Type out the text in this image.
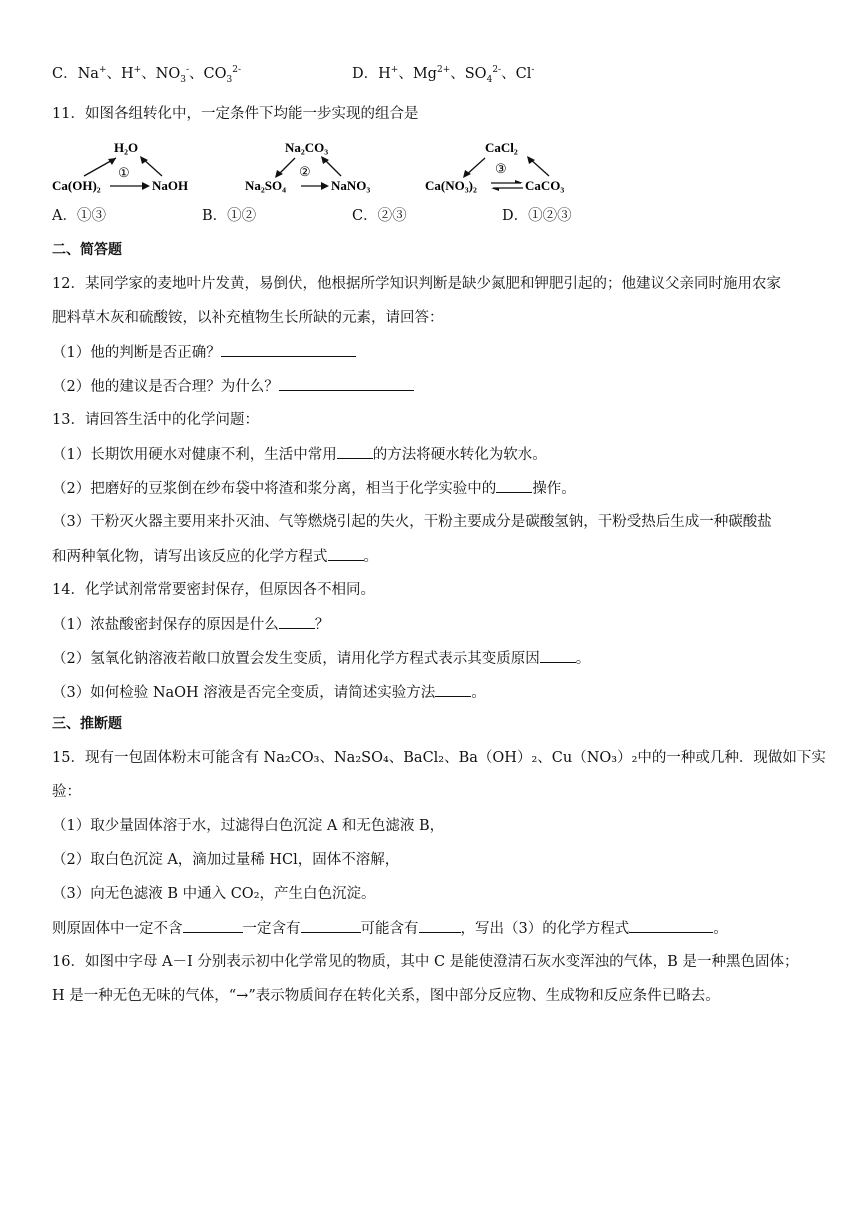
C．Na+、H+、$NO_3^-$、$CO_3^{2-}$	D．H+、$Mg^{2+}$、$SO_4^{2-}$、Cl-
11．如图各组转化中，一定条件下均能一步实现的组合是
H₂O
Ca(OH)₂	NaOH
①
Na₂CO₃
Na₂SO₄	NaNO₃
②
CaCl₂
Ca(NO₃)₂	CaCO₃
③
A．①③	B．①②	C．②③	D．①②③
二、简答题
12．某同学家的麦地叶片发黄，易倒伏，他根据所学知识判断是缺少氮肥和钾肥引起的；他建议父亲同时施用农家
肥料草木灰和硫酸铵，以补充植物生长所缺的元素，请回答：
（1）他的判断是否正确？
（2）他的建议是否合理？为什么？
13．请回答生活中的化学问题：
（1）长期饮用硬水对健康不利，生活中常用 的方法将硬水转化为软水。
（2）把磨好的豆浆倒在纱布袋中将渣和浆分离，相当于化学实验中的 操作。
（3）干粉灭火器主要用来扑灭油、气等燃烧引起的失火，干粉主要成分是碳酸氢钠，干粉受热后生成一种碳酸盐
和两种氧化物，请写出该反应的化学方程式 。
14．化学试剂常常要密封保存，但原因各不相同。
（1）浓盐酸密封保存的原因是什么 ？
（2）氢氧化钠溶液若敞口放置会发生变质，请用化学方程式表示其变质原因 。
（3）如何检验 NaOH 溶液是否完全变质，请简述实验方法 。
三、推断题
15．现有一包固体粉末可能含有 Na₂CO₃、Na₂SO₄、BaCl₂、Ba（OH）₂、Cu（NO₃）₂中的一种或几种．现做如下实
验：
（1）取少量固体溶于水，过滤得白色沉淀 A 和无色滤液 B，
（2）取白色沉淀 A，滴加过量稀 HCl，固体不溶解，
（3）向无色滤液 B 中通入 CO₂，产生白色沉淀。
则原固体中一定不含	一定含有	可能含有	，写出（3）的化学方程式	。
16．如图中字母 A－I 分别表示初中化学常见的物质，其中 C 是能使澄清石灰水变浑浊的气体，B 是一种黑色固体；
H 是一种无色无味的气体，“→”表示物质间存在转化关系，图中部分反应物、生成物和反应条件已略去。
